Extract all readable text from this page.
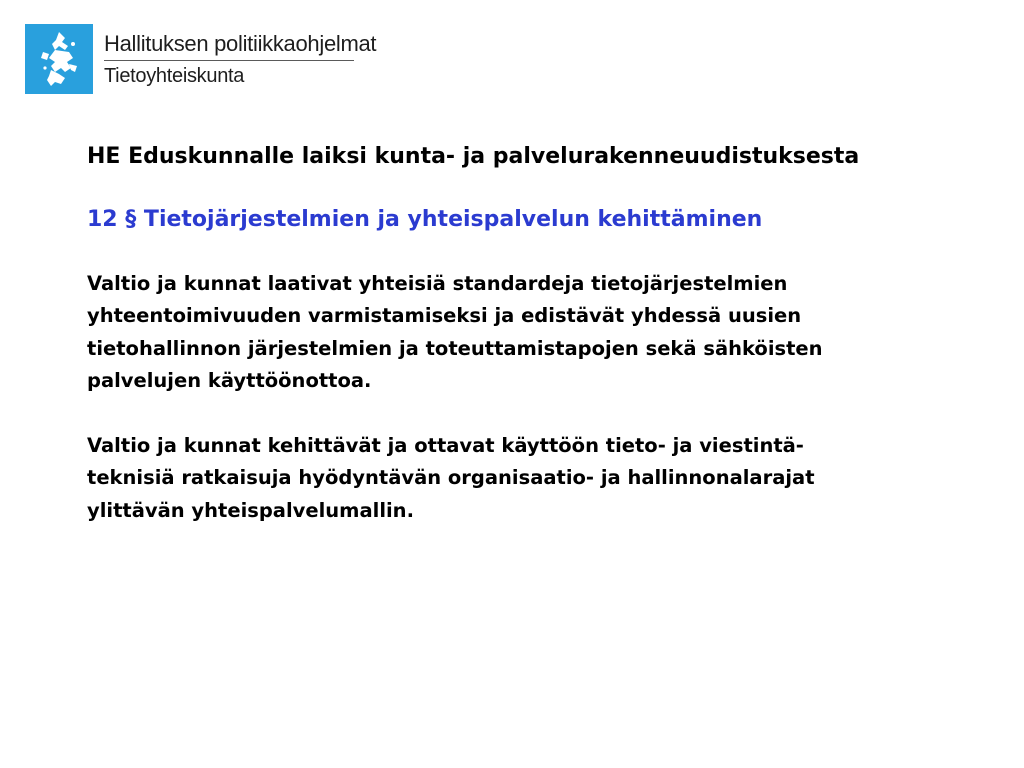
Hallituksen politiikkaohjelmat
Tietoyhteiskunta
HE Eduskunnalle laiksi kunta- ja palvelurakenneuudistuksesta
12 § Tietojärjestelmien ja yhteispalvelun kehittäminen

Valtio ja kunnat laativat yhteisiä standardeja tietojärjestelmien
yhteentoimivuuden varmistamiseksi ja edistävät yhdessä uusien
tietohallinnon järjestelmien ja toteuttamistapojen sekä sähköisten
palvelujen käyttöönottoa.

Valtio ja kunnat kehittävät ja ottavat käyttöön tieto- ja viestintä-
teknisiä ratkaisuja hyödyntävän organisaatio- ja hallinnonalarajat
ylittävän yhteispalvelumallin.
